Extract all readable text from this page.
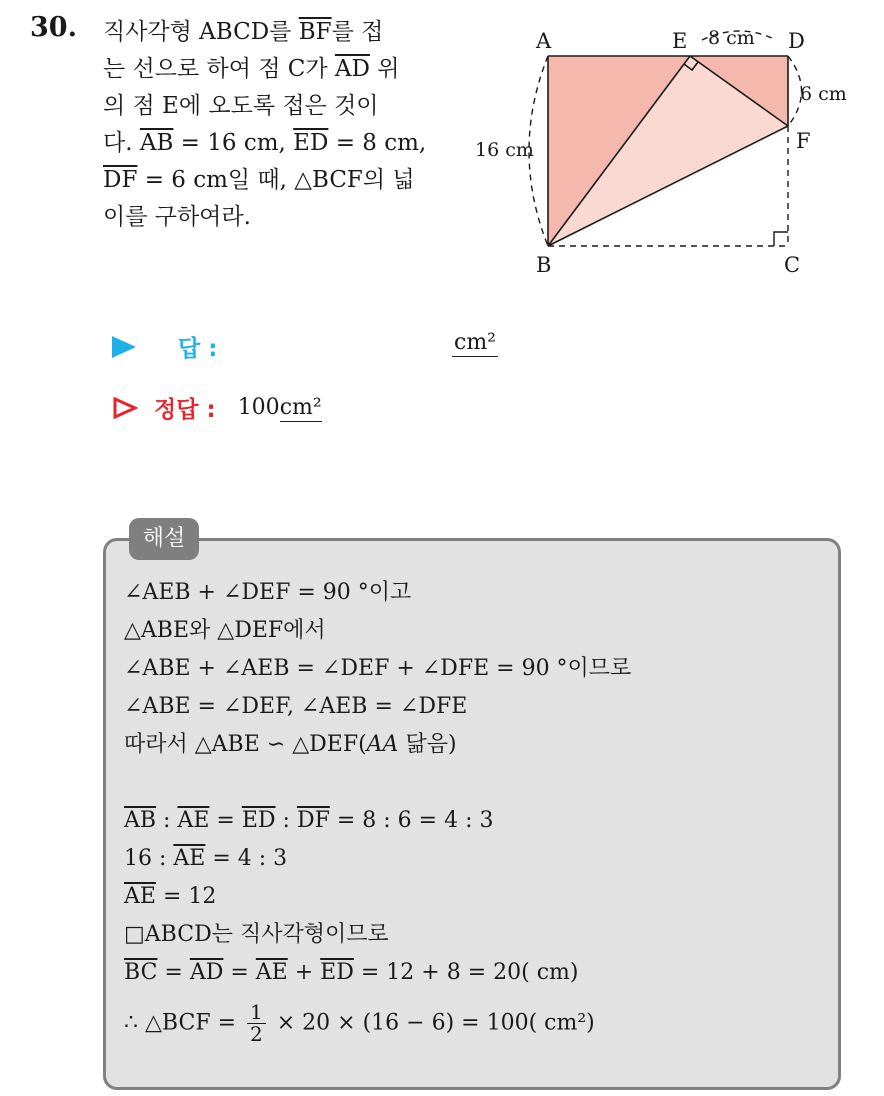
30. 직사각형 ABCD를 $\overline{BF}$를 접
는 선으로 하여 점 C가 $\overline{AD}$ 위
의 점 E에 오도록 접은 것이
다. $\overline{AB} = 16$ cm, $\overline{ED} = 8$ cm,
$\overline{DF} = 6$ cm일 때, △BCF의 넓
이를 구하여라.
A	E	D
F
B	C
8 cm
6 cm
16 cm
답 :	cm²
정답 : 100cm²
해설
∠AEB + ∠DEF = 90 °이고
△ABE와 △DEF에서
∠ABE + ∠AEB = ∠DEF + ∠DFE = 90 °이므로
∠ABE = ∠DEF, ∠AEB = ∠DFE
따라서 △ABE ∽ △DEF(AA 닮음)
$\overline{AB}$ : $\overline{AE} = \overline{ED}$ : $\overline{DF} = 8$ : 6 = 4 : 3
16 : $\overline{AE} = 4$ : 3
$\overline{AE} = 12$
□ABCD는 직사각형이므로
$\overline{BC} = \overline{AD} = \overline{AE} + \overline{ED} = 12 + 8 = 20$( cm)
∴ △BCF = $\frac{1}{2} \times 20 \times (16 - 6) = 100$( cm²)
